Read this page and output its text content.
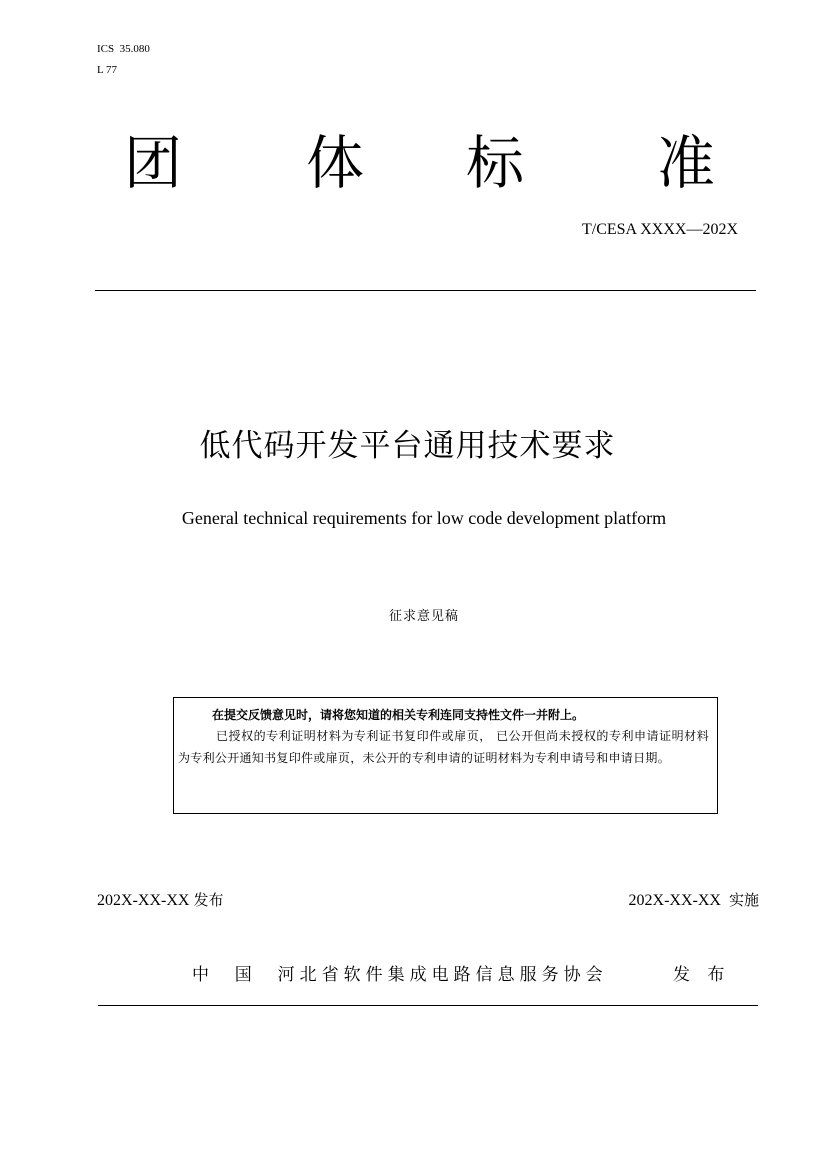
ICS  35.080
L 77
团 体 标 准
T/CESA XXXX—202X
低代码开发平台通用技术要求
General technical requirements for low code development platform
征求意见稿
在提交反馈意见时，请将您知道的相关专利连同支持性文件一并附上。
已授权的专利证明材料为专利证书复印件或扉页， 已公开但尚未授权的专利申请证明材料为专利公开通知书复印件或扉页，未公开的专利申请的证明材料为专利申请号和申请日期。
202X-XX-XX 发布	202X-XX-XX 实施
中  国  河北省软件集成电路信息服务协会	发 布
